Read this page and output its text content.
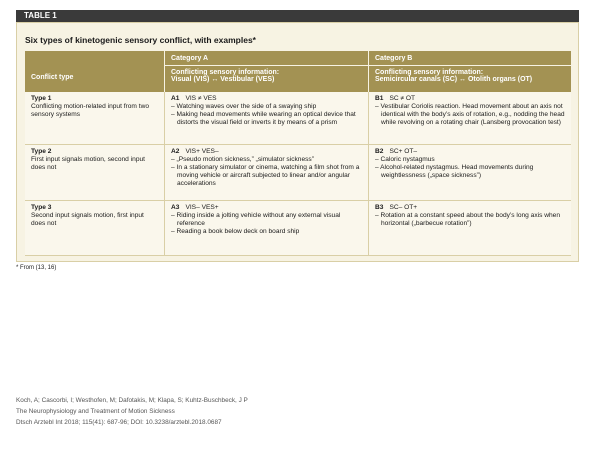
TABLE 1
Six types of kinetogenic sensory conflict, with examples*
Category A	Category B
Conflict type
Conflicting sensory information:
Visual (VIS) ↔ Vestibular (VES)
Conflicting sensory information:
Semicircular canals (SC) ↔ Otolith organs (OT)
Type 1
Conflicting motion-related input from two sensory systems
A1 VIS ≠ VES
– Watching waves over the side of a swaying ship
– Making head movements while wearing an optical device that distorts the visual field or inverts it by means of a prism
B1 SC ≠ OT
– Vestibular Coriolis reaction. Head movement about an axis not identical with the body’s axis of rotation, e.g., nodding the head while revolving on a rotating chair (Lansberg provocation test)
Type 2
First input signals motion, second input does not
A2 VIS+ VES–
– „Pseudo motion sickness,” „simulator sickness”
– In a stationary simulator or cinema, watching a film shot from a moving vehicle or aircraft subjected to linear and/or angular accelerations
B2 SC+ OT–
– Caloric nystagmus
– Alcohol-related nystagmus. Head movements during weightlessness („space sickness”)
Type 3
Second input signals motion, first input does not
A3 VIS– VES+
– Riding inside a jolting vehicle without any external visual reference
– Reading a book below deck on board ship
B3 SC– OT+
– Rotation at a constant speed about the body’s long axis when horizontal („barbecue rotation”)
* From (13, 16)
Koch, A; Cascorbi, I; Westhofen, M; Dafotakis, M; Klapa, S; Kuhtz-Buschbeck, J P
The Neurophysiology and Treatment of Motion Sickness
Dtsch Arztebl Int 2018; 115(41): 687-96; DOI: 10.3238/arztebl.2018.0687
